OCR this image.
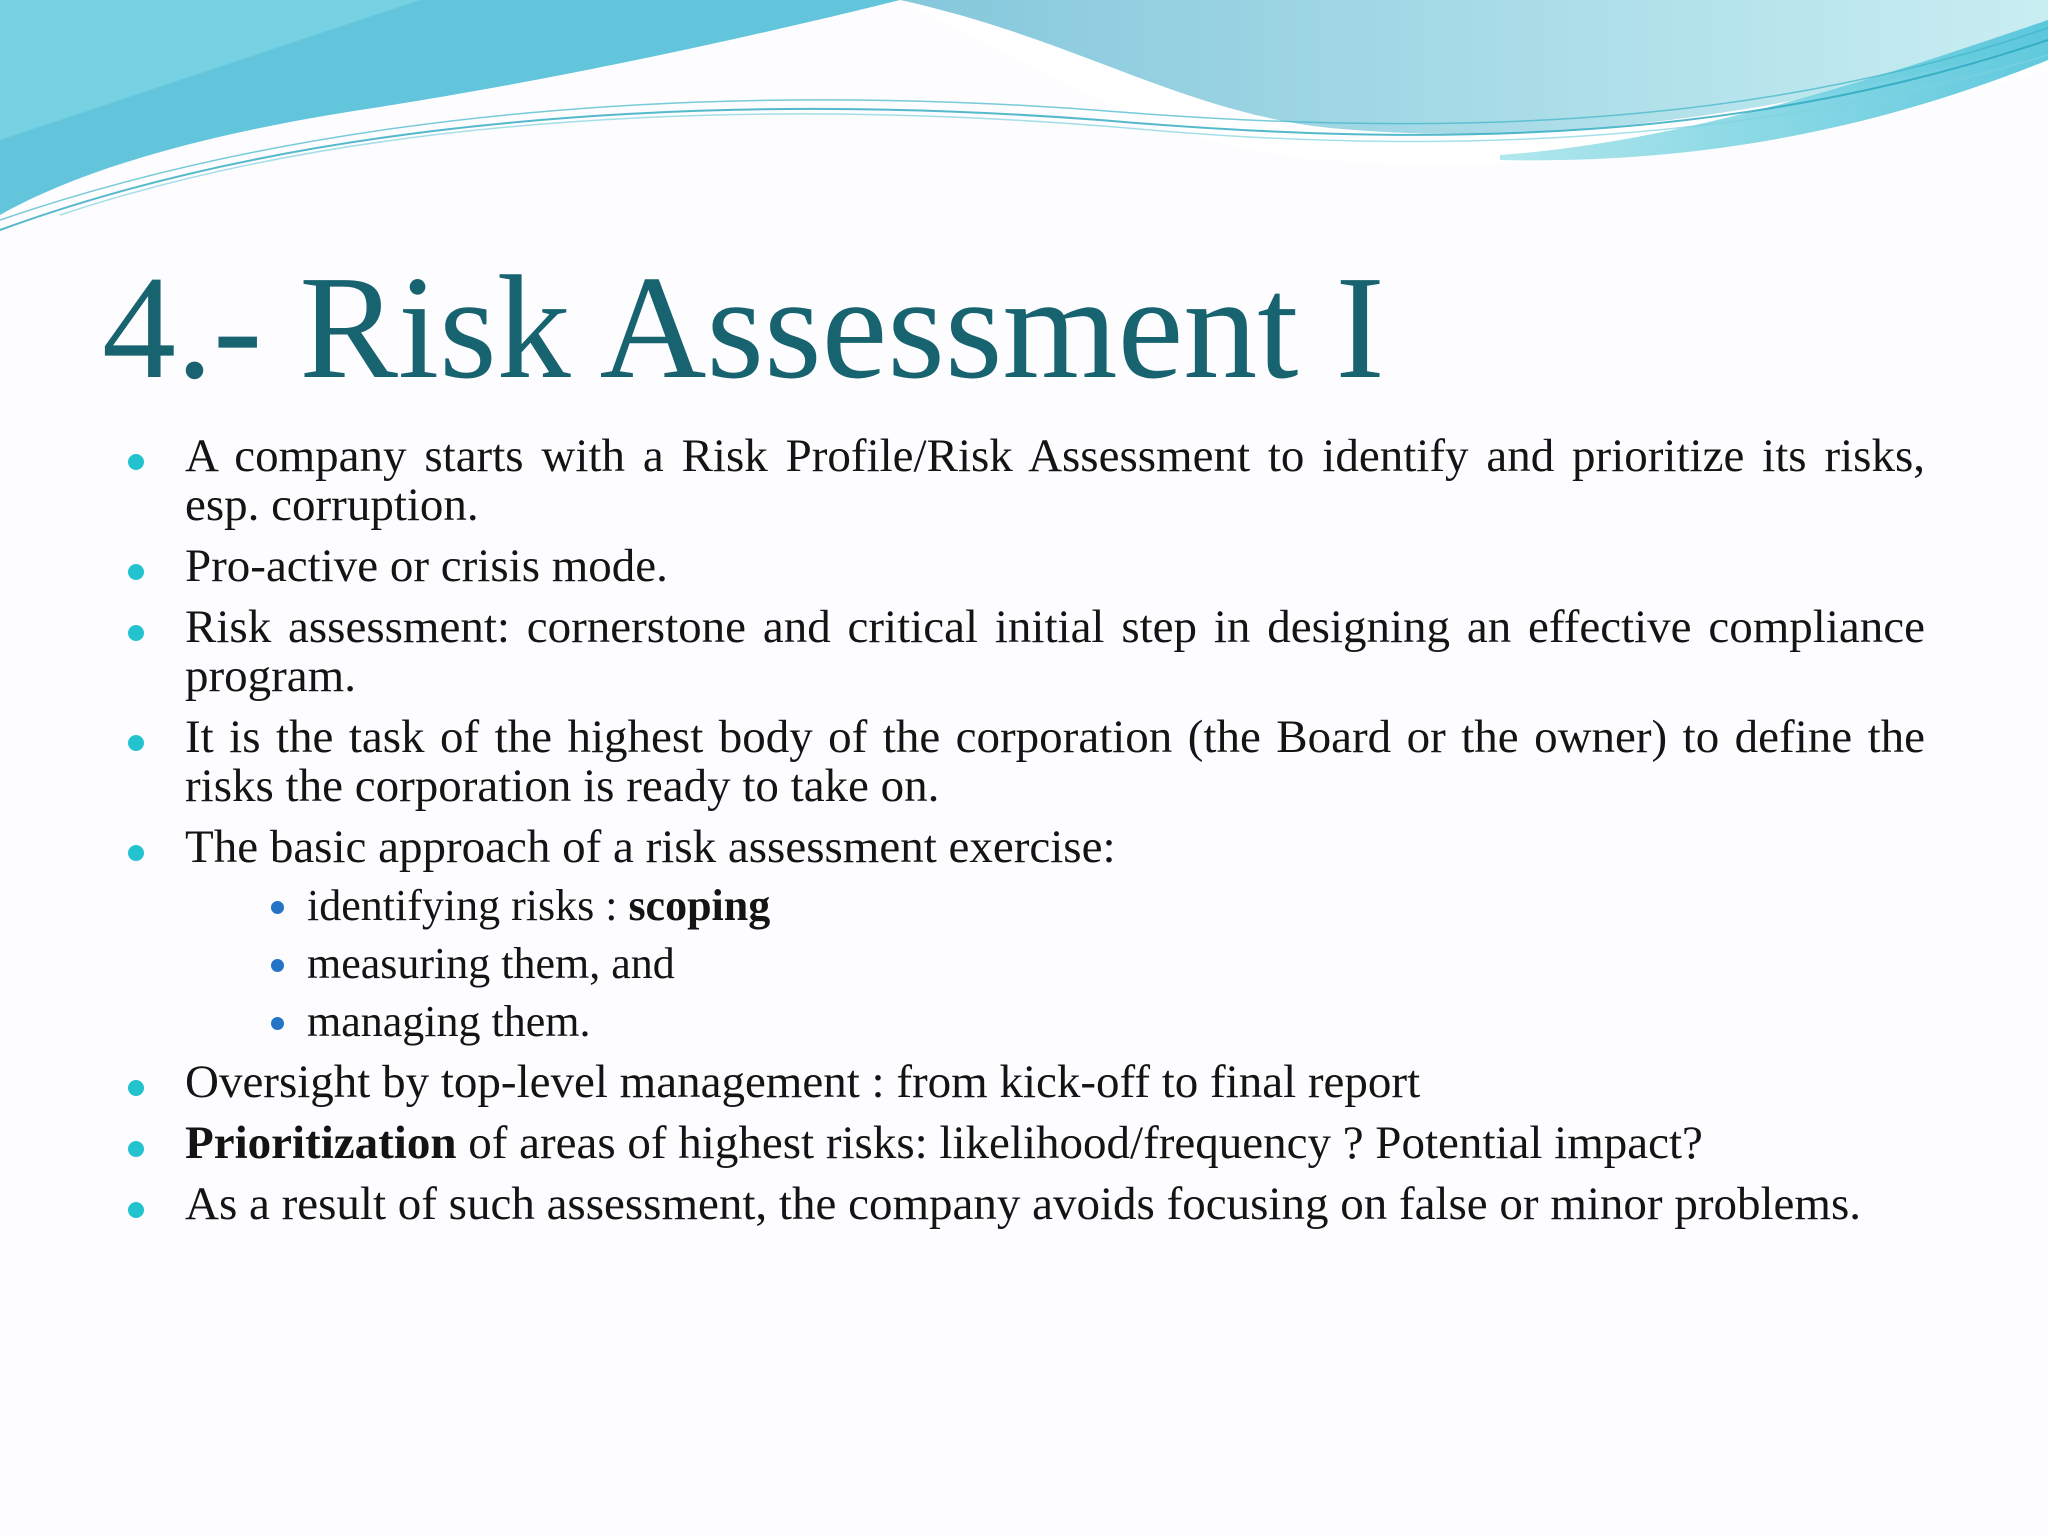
4.- Risk Assessment I
A company starts with a Risk Profile/Risk Assessment to identify and prioritize its risks, esp. corruption.
Pro-active or crisis mode.
Risk assessment: cornerstone and critical initial step in designing an effective compliance program.
It is the task of the highest body of the corporation (the Board or the owner) to define the risks the corporation is ready to take on.
The basic approach of a risk assessment exercise:
identifying risks : scoping
measuring them, and
managing them.
Oversight by top-level management : from kick-off to final report
Prioritization of areas of highest risks: likelihood/frequency ? Potential impact?
As a result of such assessment, the company avoids focusing on false or minor problems.
